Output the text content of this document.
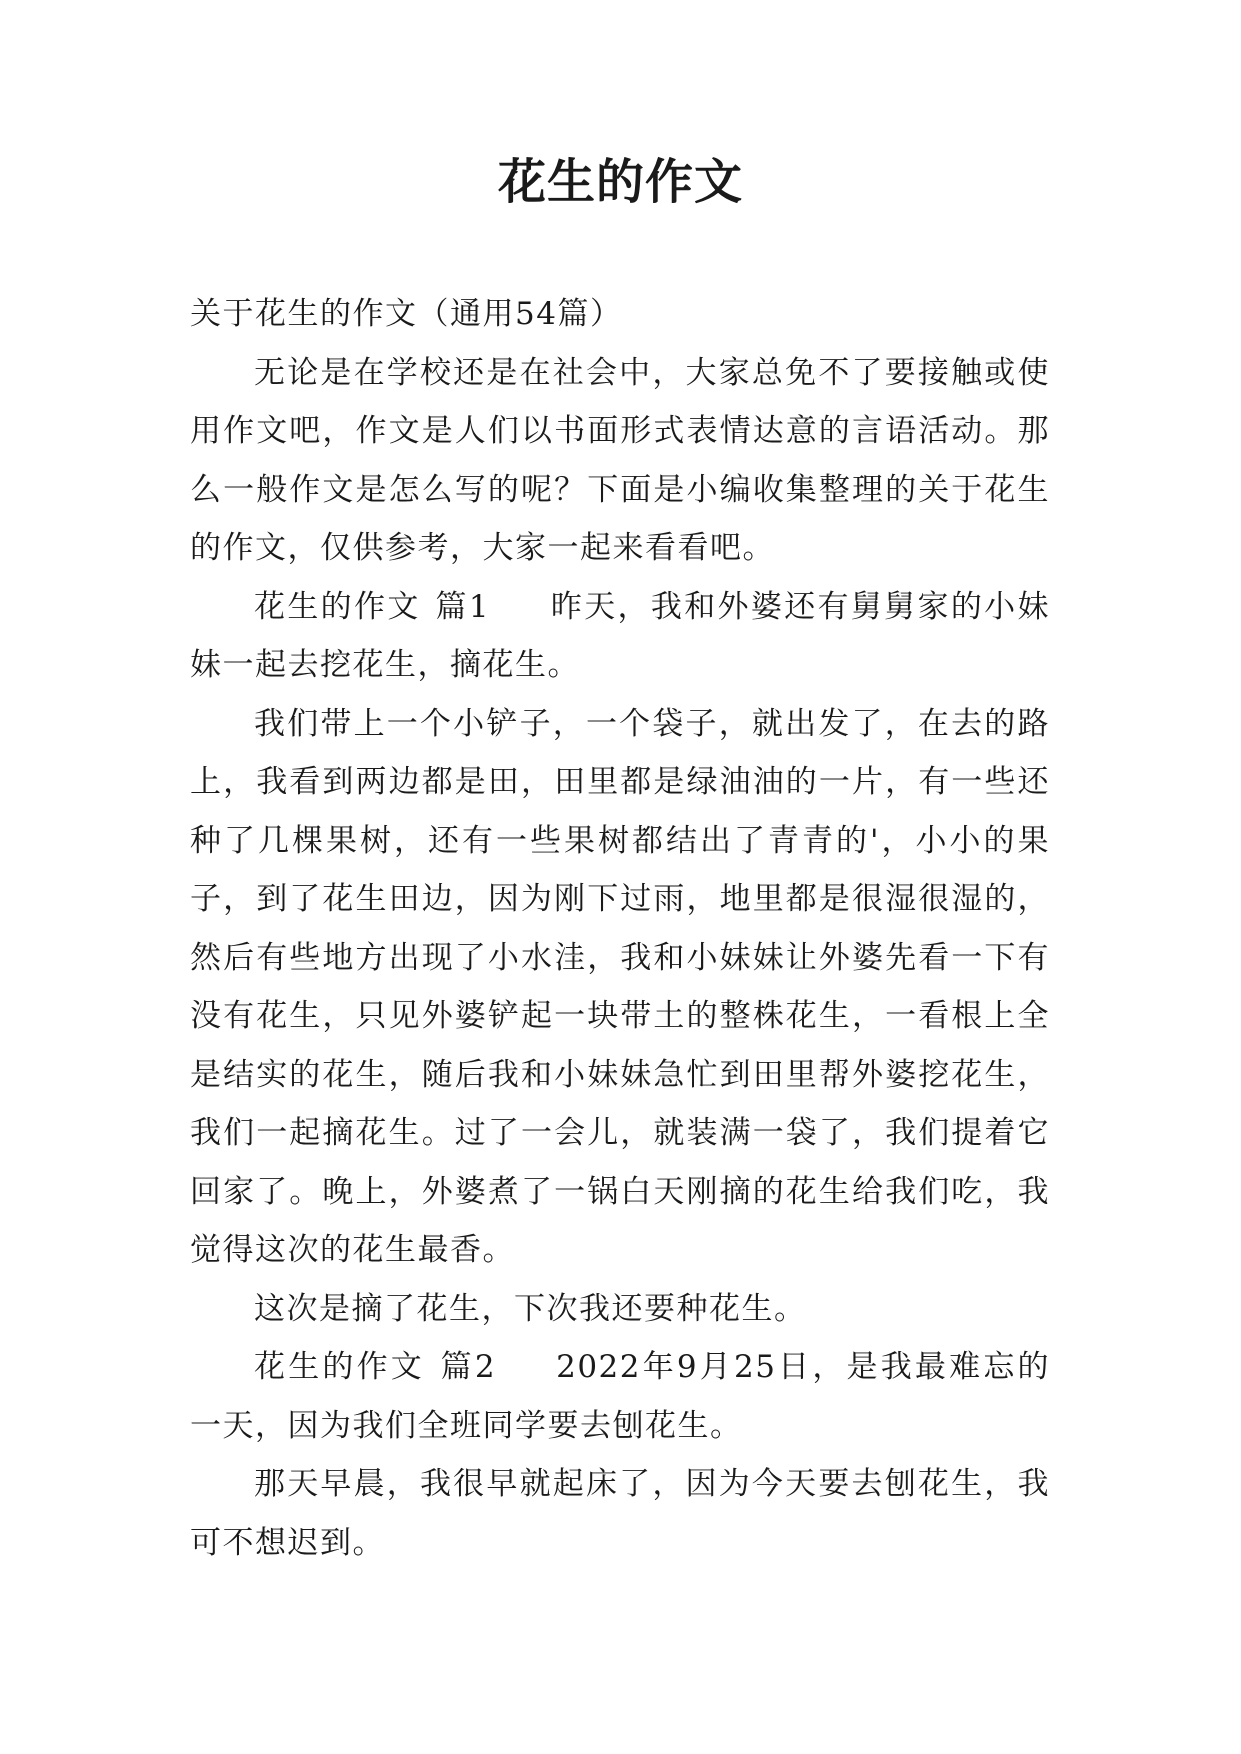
花生的作文

关于花生的作文（通用54篇）

无论是在学校还是在社会中，大家总免不了要接触或使用作文吧，作文是人们以书面形式表情达意的言语活动。那么一般作文是怎么写的呢？下面是小编收集整理的关于花生的作文，仅供参考，大家一起来看看吧。

花生的作文 篇1 昨天，我和外婆还有舅舅家的小妹妹一起去挖花生，摘花生。

我们带上一个小铲子，一个袋子，就出发了，在去的路上，我看到两边都是田，田里都是绿油油的一片，有一些还种了几棵果树，还有一些果树都结出了青青的'，小小的果子，到了花生田边，因为刚下过雨，地里都是很湿很湿的，然后有些地方出现了小水洼，我和小妹妹让外婆先看一下有没有花生，只见外婆铲起一块带土的整株花生，一看根上全是结实的花生，随后我和小妹妹急忙到田里帮外婆挖花生，我们一起摘花生。过了一会儿，就装满一袋了，我们提着它回家了。晚上，外婆煮了一锅白天刚摘的花生给我们吃，我觉得这次的花生最香。

这次是摘了花生，下次我还要种花生。

花生的作文 篇2 2022年9月25日，是我最难忘的一天，因为我们全班同学要去刨花生。

那天早晨，我很早就起床了，因为今天要去刨花生，我可不想迟到。
